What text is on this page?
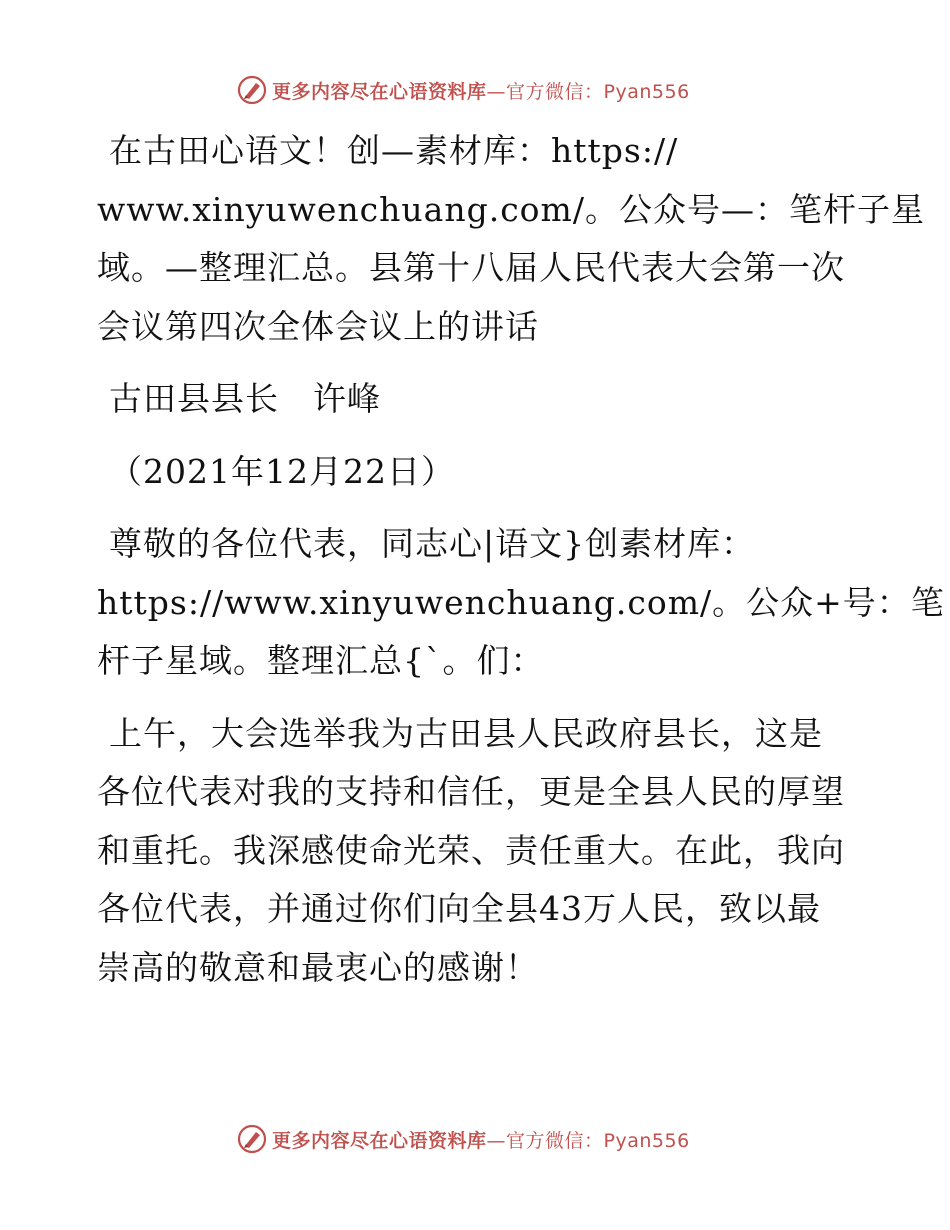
更多内容尽在心语资料库—官方微信：Pyan556
在古田心语文！创—素材库：https://
www.xinyuwenchuang.com/。公众号—：笔杆子星
域。—整理汇总。县第十八届人民代表大会第一次
会议第四次全体会议上的讲话
古田县县长　许峰
（2021年12月22日）
尊敬的各位代表，同志心|语文}创素材库：
https://www.xinyuwenchuang.com/。公众+号：笔
杆子星域。整理汇总{`。们：
上午，大会选举我为古田县人民政府县长，这是
各位代表对我的支持和信任，更是全县人民的厚望
和重托。我深感使命光荣、责任重大。在此，我向
各位代表，并通过你们向全县43万人民，致以最
崇高的敬意和最衷心的感谢！
更多内容尽在心语资料库—官方微信：Pyan556
